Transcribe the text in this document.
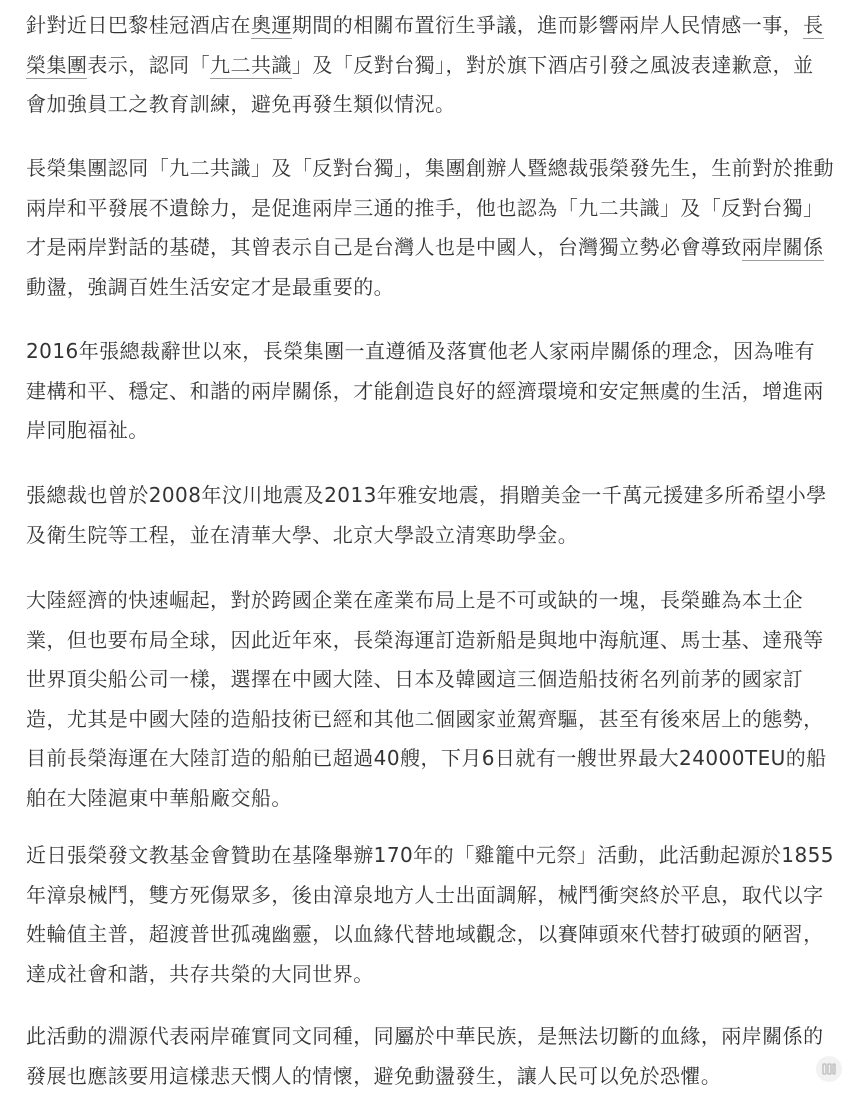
針對近日巴黎桂冠酒店在奧運期間的相關布置衍生爭議，進而影響兩岸人民情感一事，長榮集團表示，認同「九二共識」及「反對台獨」，對於旗下酒店引發之風波表達歉意，並會加強員工之教育訓練，避免再發生類似情況。

長榮集團認同「九二共識」及「反對台獨」，集團創辦人暨總裁張榮發先生，生前對於推動兩岸和平發展不遺餘力，是促進兩岸三通的推手，他也認為「九二共識」及「反對台獨」才是兩岸對話的基礎，其曾表示自己是台灣人也是中國人，台灣獨立勢必會導致兩岸關係動盪，強調百姓生活安定才是最重要的。

2016年張總裁辭世以來，長榮集團一直遵循及落實他老人家兩岸關係的理念，因為唯有建構和平、穩定、和諧的兩岸關係，才能創造良好的經濟環境和安定無虞的生活，增進兩岸同胞福祉。

張總裁也曾於2008年汶川地震及2013年雅安地震，捐贈美金一千萬元援建多所希望小學及衛生院等工程，並在清華大學、北京大學設立清寒助學金。

大陸經濟的快速崛起，對於跨國企業在產業布局上是不可或缺的一塊，長榮雖為本土企業，但也要布局全球，因此近年來，長榮海運訂造新船是與地中海航運、馬士基、達飛等世界頂尖船公司一樣，選擇在中國大陸、日本及韓國這三個造船技術名列前茅的國家訂造，尤其是中國大陸的造船技術已經和其他二個國家並駕齊驅，甚至有後來居上的態勢，目前長榮海運在大陸訂造的船舶已超過40艘，下月6日就有一艘世界最大24000TEU的船舶在大陸滬東中華船廠交船。

近日張榮發文教基金會贊助在基隆舉辦170年的「雞籠中元祭」活動，此活動起源於1855年漳泉械鬥，雙方死傷眾多，後由漳泉地方人士出面調解，械鬥衝突終於平息，取代以字姓輪值主普，超渡普世孤魂幽靈，以血緣代替地域觀念，以賽陣頭來代替打破頭的陋習，達成社會和諧，共存共榮的大同世界。

此活動的淵源代表兩岸確實同文同種，同屬於中華民族，是無法切斷的血緣，兩岸關係的發展也應該要用這樣悲天憫人的情懷，避免動盪發生，讓人民可以免於恐懼。
